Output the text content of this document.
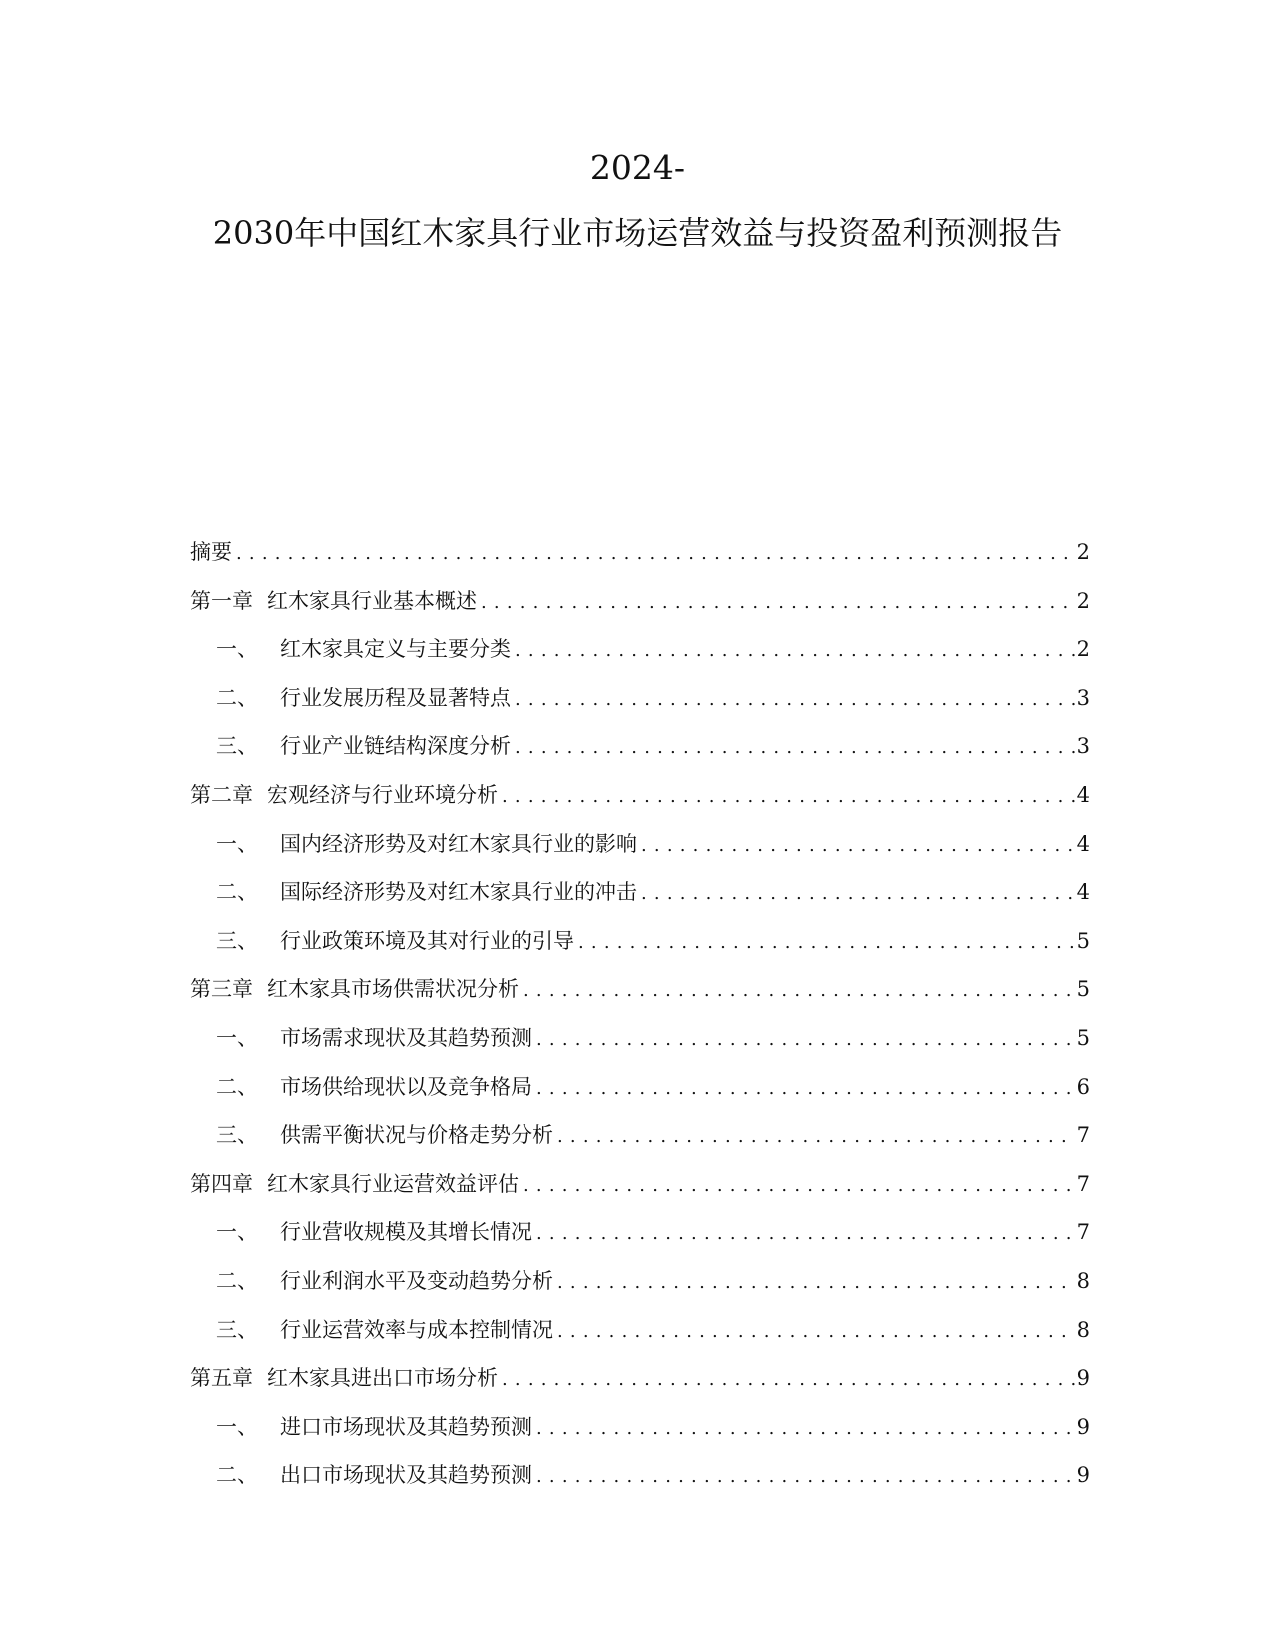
2024-
2030年中国红木家具行业市场运营效益与投资盈利预测报告
摘要 .....	2
第一章 红木家具行业基本概述 .....	2
一、	红木家具定义与主要分类 .....	2
二、	行业发展历程及显著特点 .....	3
三、	行业产业链结构深度分析 .....	3
第二章 宏观经济与行业环境分析 .....	4
一、	国内经济形势及对红木家具行业的影响 .....	4
二、	国际经济形势及对红木家具行业的冲击 .....	4
三、	行业政策环境及其对行业的引导 .....	5
第三章 红木家具市场供需状况分析 .....	5
一、	市场需求现状及其趋势预测 .....	5
二、	市场供给现状以及竞争格局 .....	6
三、	供需平衡状况与价格走势分析 .....	7
第四章 红木家具行业运营效益评估 .....	7
一、	行业营收规模及其增长情况 .....	7
二、	行业利润水平及变动趋势分析 .....	8
三、	行业运营效率与成本控制情况 .....	8
第五章 红木家具进出口市场分析 .....	9
一、	进口市场现状及其趋势预测 .....	9
二、	出口市场现状及其趋势预测 .....	9
